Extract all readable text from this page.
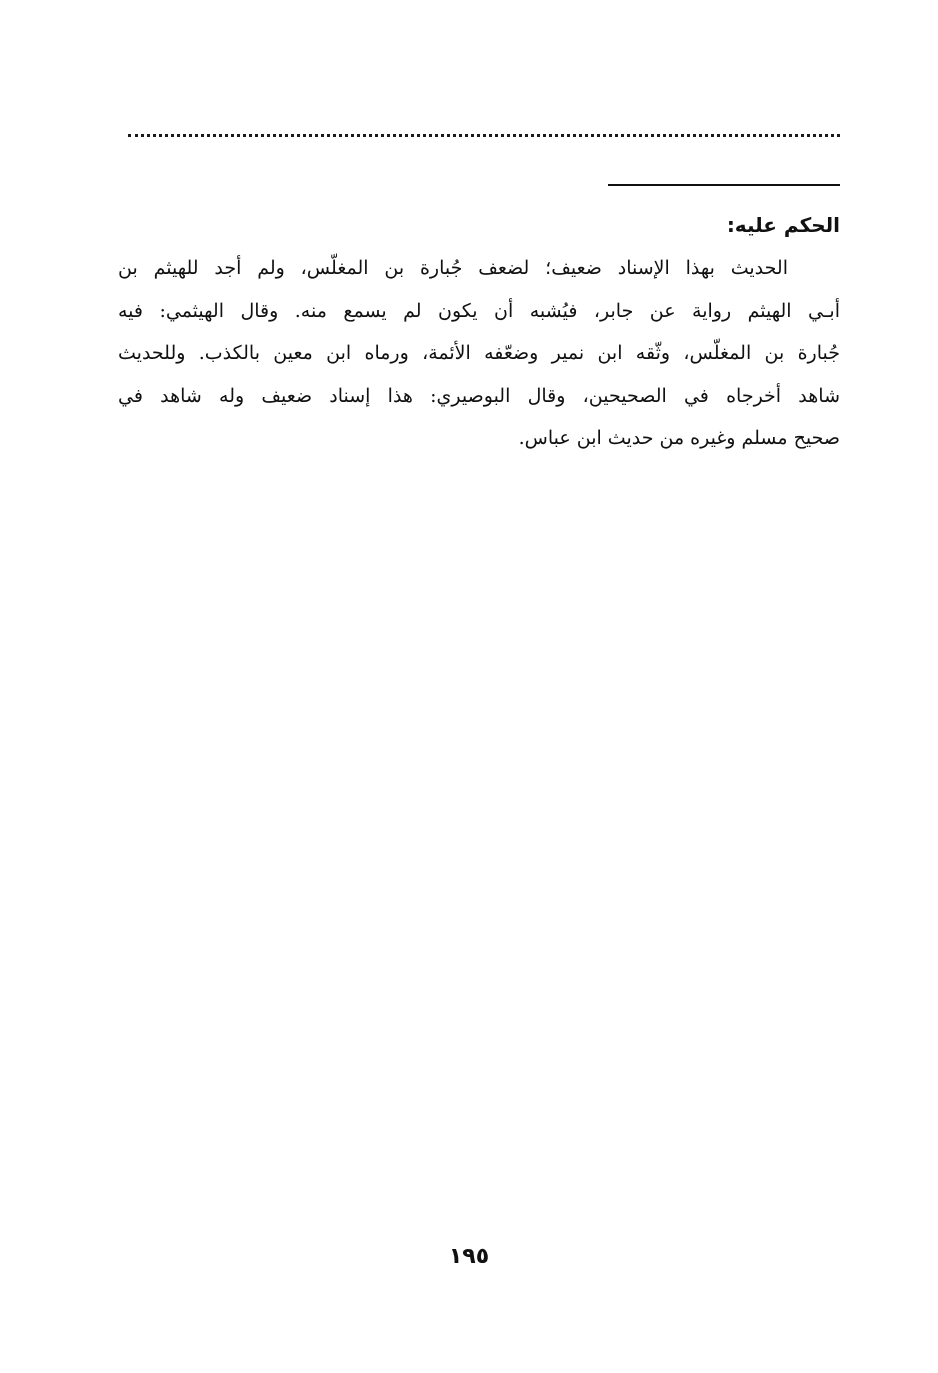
الحكم عليه:

الحديث بهذا الإسناد ضعيف؛ لضعف جُبارة بن المغلّس، ولم أجد للهيثم بن
أبـي الهيثم رواية عن جابر، فيُشبه أن يكون لم يسمع منه. وقال الهيثمي: فيه
جُبارة بن المغلّس، وثّقه ابن نمير وضعّفه الأئمة، ورماه ابن معين بالكذب. وللحديث
شاهد أخرجاه في الصحيحين، وقال البوصيري: هذا إسناد ضعيف وله شاهد في
صحيح مسلم وغيره من حديث ابن عباس.

١٩٥
